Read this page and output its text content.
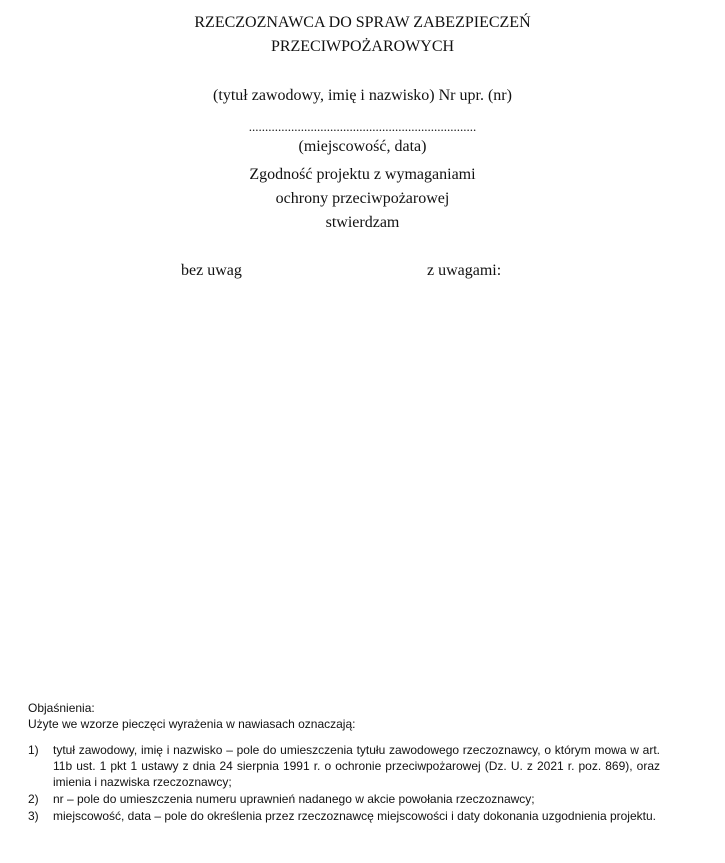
RZECZOZNAWCA DO SPRAW ZABEZPIECZEŃ
PRZECIWPOŻAROWYCH
(tytuł zawodowy, imię i nazwisko) Nr upr. (nr)
......................................................................
(miejscowość, data)
Zgodność projektu z wymaganiami
ochrony przeciwpożarowej
stwierdzam
bez uwag	z uwagami:

Objaśnienia:

Użyte we wzorze pieczęci wyrażenia w nawiasach oznaczają:

1) tytuł zawodowy, imię i nazwisko – pole do umieszczenia tytułu zawodowego rzeczoznawcy, o którym mowa w art. 11b ust. 1 pkt 1 ustawy z dnia 24 sierpnia 1991 r. o ochronie przeciwpożarowej (Dz. U. z 2021 r. poz. 869), oraz imienia i nazwiska rzeczoznawcy;
2) nr – pole do umieszczenia numeru uprawnień nadanego w akcie powołania rzeczoznawcy;
3) miejscowość, data – pole do określenia przez rzeczoznawcę miejscowości i daty dokonania uzgodnienia projektu.
